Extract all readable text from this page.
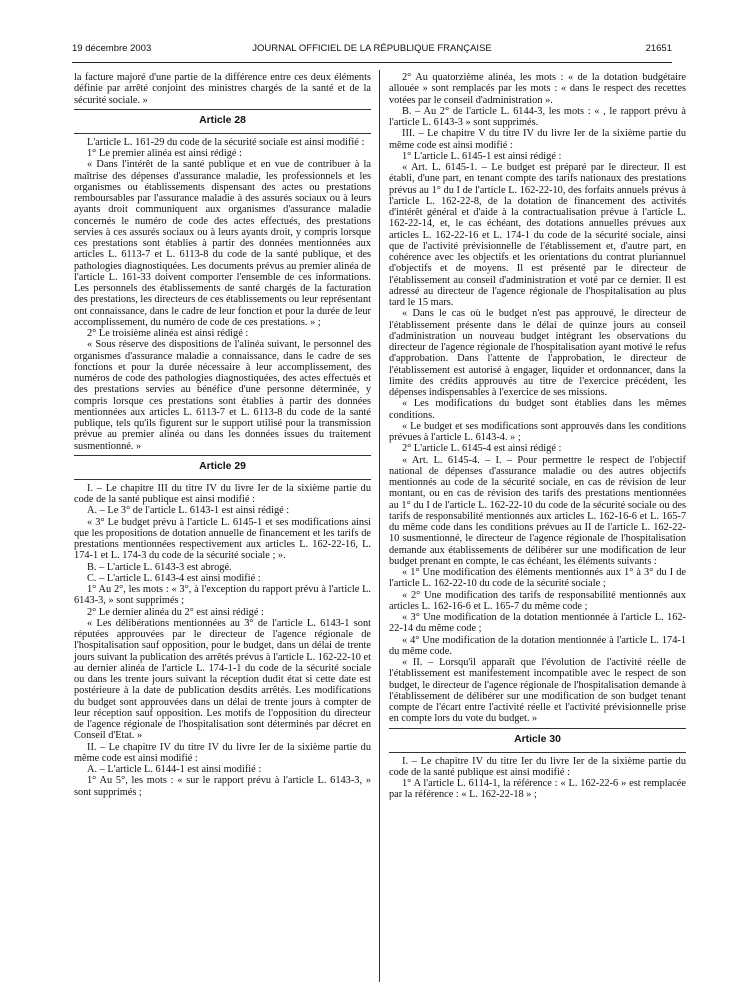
19 décembre 2003	JOURNAL OFFICIEL DE LA RÉPUBLIQUE FRANÇAISE	21651

la facture majoré d'une partie de la différence entre ces deux éléments définie par arrêté conjoint des ministres chargés de la santé et de la sécurité sociale. »

Article 28

L'article L. 161-29 du code de la sécurité sociale est ainsi modifié :

1° Le premier alinéa est ainsi rédigé :

« Dans l'intérêt de la santé publique et en vue de contribuer à la maîtrise des dépenses d'assurance maladie, les professionnels et les organismes ou établissements dispensant des actes ou prestations remboursables par l'assurance maladie à des assurés sociaux ou à leurs ayants droit communiquent aux organismes d'assurance maladie concernés le numéro de code des actes effectués, des prestations servies à ces assurés sociaux ou à leurs ayants droit, y compris lorsque ces prestations sont établies à partir des données mentionnées aux articles L. 6113-7 et L. 6113-8 du code de la santé publique, et des pathologies diagnostiquées. Les documents prévus au premier alinéa de l'article L. 161-33 doivent comporter l'ensemble de ces informations. Les personnels des établissements de santé chargés de la facturation des prestations, les directeurs de ces établissements ou leur représentant ont connaissance, dans le cadre de leur fonction et pour la durée de leur accomplissement, du numéro de code de ces prestations. » ;

2° Le troisième alinéa est ainsi rédigé :

« Sous réserve des dispositions de l'alinéa suivant, le personnel des organismes d'assurance maladie a connaissance, dans le cadre de ses fonctions et pour la durée nécessaire à leur accomplissement, des numéros de code des pathologies diagnostiquées, des actes effectués et des prestations servies au bénéfice d'une personne déterminée, y compris lorsque ces prestations sont établies à partir des données mentionnées aux articles L. 6113-7 et L. 6113-8 du code de la santé publique, tels qu'ils figurent sur le support utilisé pour la transmission prévue au premier alinéa ou dans les données issues du traitement susmentionné. »

Article 29

I. – Le chapitre III du titre IV du livre Ier de la sixième partie du code de la santé publique est ainsi modifié :

A. – Le 3° de l'article L. 6143-1 est ainsi rédigé :

« 3° Le budget prévu à l'article L. 6145-1 et ses modifications ainsi que les propositions de dotation annuelle de financement et les tarifs de prestations mentionnées respectivement aux articles L. 162-22-16, L. 174-1 et L. 174-3 du code de la sécurité sociale ; ».

B. – L'article L. 6143-3 est abrogé.

C. – L'article L. 6143-4 est ainsi modifié :

1° Au 2°, les mots : « 3°, à l'exception du rapport prévu à l'article L. 6143-3, » sont supprimés ;

2° Le dernier alinéa du 2° est ainsi rédigé :

« Les délibérations mentionnées au 3° de l'article L. 6143-1 sont réputées approuvées par le directeur de l'agence régionale de l'hospitalisation sauf opposition, pour le budget, dans un délai de trente jours suivant la publication des arrêtés prévus à l'article L. 162-22-10 et au dernier alinéa de l'article L. 174-1-1 du code de la sécurité sociale ou dans les trente jours suivant la réception dudit état si cette date est postérieure à la date de publication desdits arrêtés. Les modifications du budget sont approuvées dans un délai de trente jours à compter de leur réception sauf opposition. Les motifs de l'opposition du directeur de l'agence régionale de l'hospitalisation sont déterminés par décret en Conseil d'Etat. »

II. – Le chapitre IV du titre IV du livre Ier de la sixième partie du même code est ainsi modifié :

A. – L'article L. 6144-1 est ainsi modifié :

1° Au 5°, les mots : « sur le rapport prévu à l'article L. 6143-3, » sont supprimés ;

2° Au quatorzième alinéa, les mots : « de la dotation budgétaire allouée » sont remplacés par les mots : « dans le respect des recettes votées par le conseil d'administration ».

B. – Au 2° de l'article L. 6144-3, les mots : « , le rapport prévu à l'article L. 6143-3 » sont supprimés.

III. – Le chapitre V du titre IV du livre Ier de la sixième partie du même code est ainsi modifié :

1° L'article L. 6145-1 est ainsi rédigé :

« Art. L. 6145-1. – Le budget est préparé par le directeur. Il est établi, d'une part, en tenant compte des tarifs nationaux des prestations prévus au 1° du I de l'article L. 162-22-10, des forfaits annuels prévus à l'article L. 162-22-8, de la dotation de financement des activités d'intérêt général et d'aide à la contractualisation prévue à l'article L. 162-22-14, et, le cas échéant, des dotations annuelles prévues aux articles L. 162-22-16 et L. 174-1 du code de la sécurité sociale, ainsi que de l'activité prévisionnelle de l'établissement et, d'autre part, en cohérence avec les objectifs et les orientations du contrat pluriannuel d'objectifs et de moyens. Il est présenté par le directeur de l'établissement au conseil d'administration et voté par ce dernier. Il est adressé au directeur de l'agence régionale de l'hospitalisation au plus tard le 15 mars.

« Dans le cas où le budget n'est pas approuvé, le directeur de l'établissement présente dans le délai de quinze jours au conseil d'administration un nouveau budget intégrant les observations du directeur de l'agence régionale de l'hospitalisation ayant motivé le refus d'approbation. Dans l'attente de l'approbation, le directeur de l'établissement est autorisé à engager, liquider et ordonnancer, dans la limite des crédits approuvés au titre de l'exercice précédent, les dépenses indispensables à l'exercice de ses missions.

« Les modifications du budget sont établies dans les mêmes conditions.

« Le budget et ses modifications sont approuvés dans les conditions prévues à l'article L. 6143-4. » ;

2° L'article L. 6145-4 est ainsi rédigé :

« Art. L. 6145-4. – I. – Pour permettre le respect de l'objectif national de dépenses d'assurance maladie ou des autres objectifs mentionnés au code de la sécurité sociale, en cas de révision de leur montant, ou en cas de révision des tarifs des prestations mentionnées au 1° du I de l'article L. 162-22-10 du code de la sécurité sociale ou des tarifs de responsabilité mentionnés aux articles L. 162-16-6 et L. 165-7 du même code dans les conditions prévues au II de l'article L. 162-22-10 susmentionné, le directeur de l'agence régionale de l'hospitalisation demande aux établissements de délibérer sur une modification de leur budget prenant en compte, le cas échéant, les éléments suivants :

« 1° Une modification des éléments mentionnés aux 1° à 3° du I de l'article L. 162-22-10 du code de la sécurité sociale ;

« 2° Une modification des tarifs de responsabilité mentionnés aux articles L. 162-16-6 et L. 165-7 du même code ;

« 3° Une modification de la dotation mentionnée à l'article L. 162-22-14 du même code ;

« 4° Une modification de la dotation mentionnée à l'article L. 174-1 du même code.

« II. – Lorsqu'il apparaît que l'évolution de l'activité réelle de l'établissement est manifestement incompatible avec le respect de son budget, le directeur de l'agence régionale de l'hospitalisation demande à l'établissement de délibérer sur une modification de son budget tenant compte de l'écart entre l'activité réelle et l'activité prévisionnelle prise en compte lors du vote du budget. »

Article 30

I. – Le chapitre IV du titre Ier du livre Ier de la sixième partie du code de la santé publique est ainsi modifié :

1° A l'article L. 6114-1, la référence : « L. 162-22-6 » est remplacée par la référence : « L. 162-22-18 » ;
